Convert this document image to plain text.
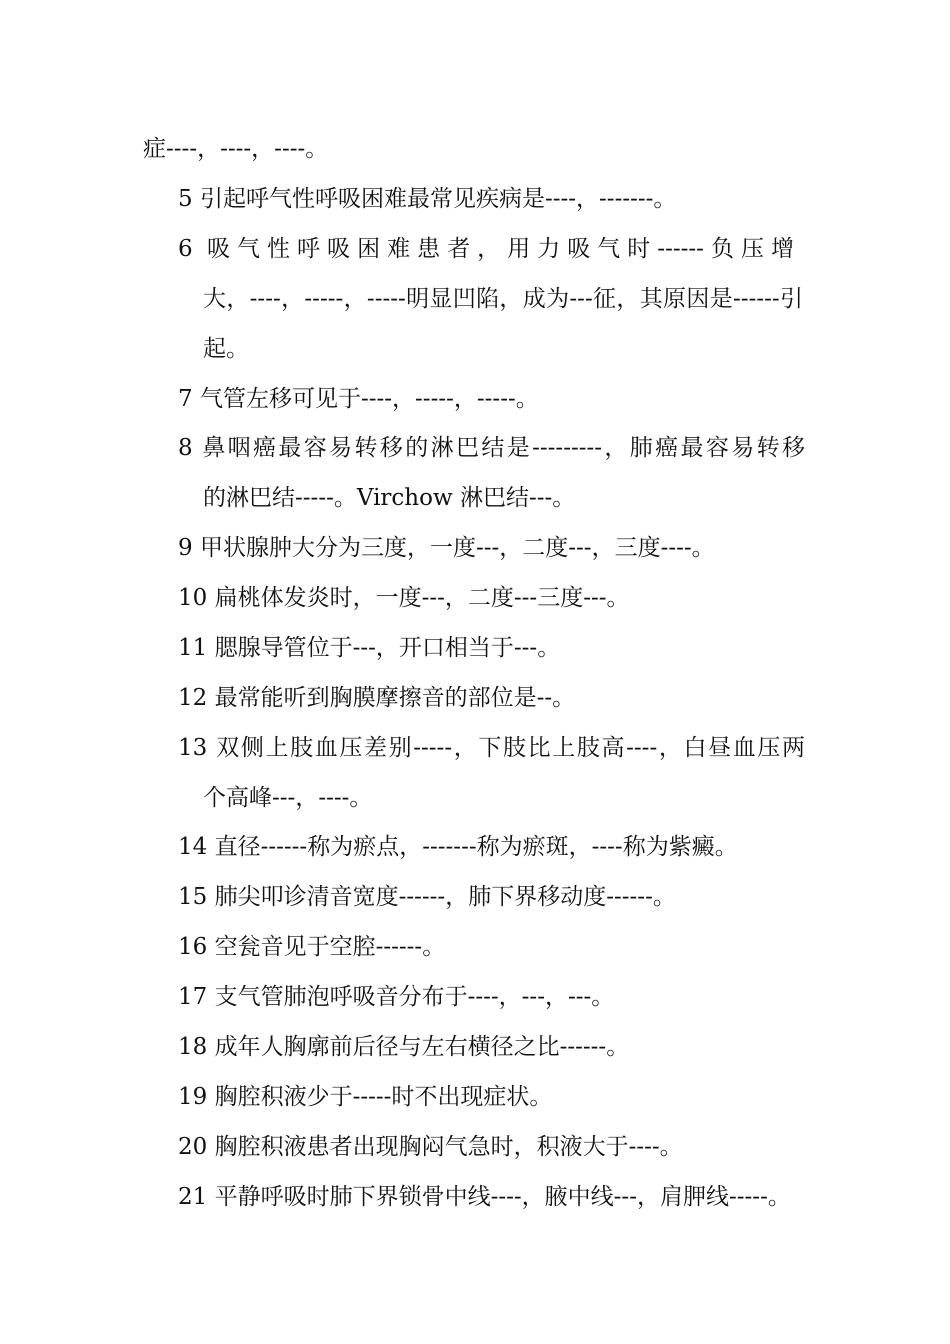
症----，----，----。
5 引起呼气性呼吸困难最常见疾病是----，-------。
6 吸气性呼吸困难患者，用力吸气时------负压增
大，----，-----，-----明显凹陷，成为---征，其原因是------引
起。
7 气管左移可见于----，-----，-----。
8 鼻咽癌最容易转移的淋巴结是---------，肺癌最容易转移
的淋巴结-----。Virchow 淋巴结---。
9 甲状腺肿大分为三度，一度---，二度---，三度----。
10 扁桃体发炎时，一度---，二度---三度---。
11 腮腺导管位于---，开口相当于---。
12 最常能听到胸膜摩擦音的部位是--。
13 双侧上肢血压差别-----，下肢比上肢高----，白昼血压两
个高峰---，----。
14 直径------称为瘀点，-------称为瘀斑，----称为紫癜。
15 肺尖叩诊清音宽度------，肺下界移动度------。
16 空瓮音见于空腔------。
17 支气管肺泡呼吸音分布于----，---，---。
18 成年人胸廓前后径与左右横径之比------。
19 胸腔积液少于-----时不出现症状。
20 胸腔积液患者出现胸闷气急时，积液大于----。
21 平静呼吸时肺下界锁骨中线----，腋中线---，肩胛线-----。
